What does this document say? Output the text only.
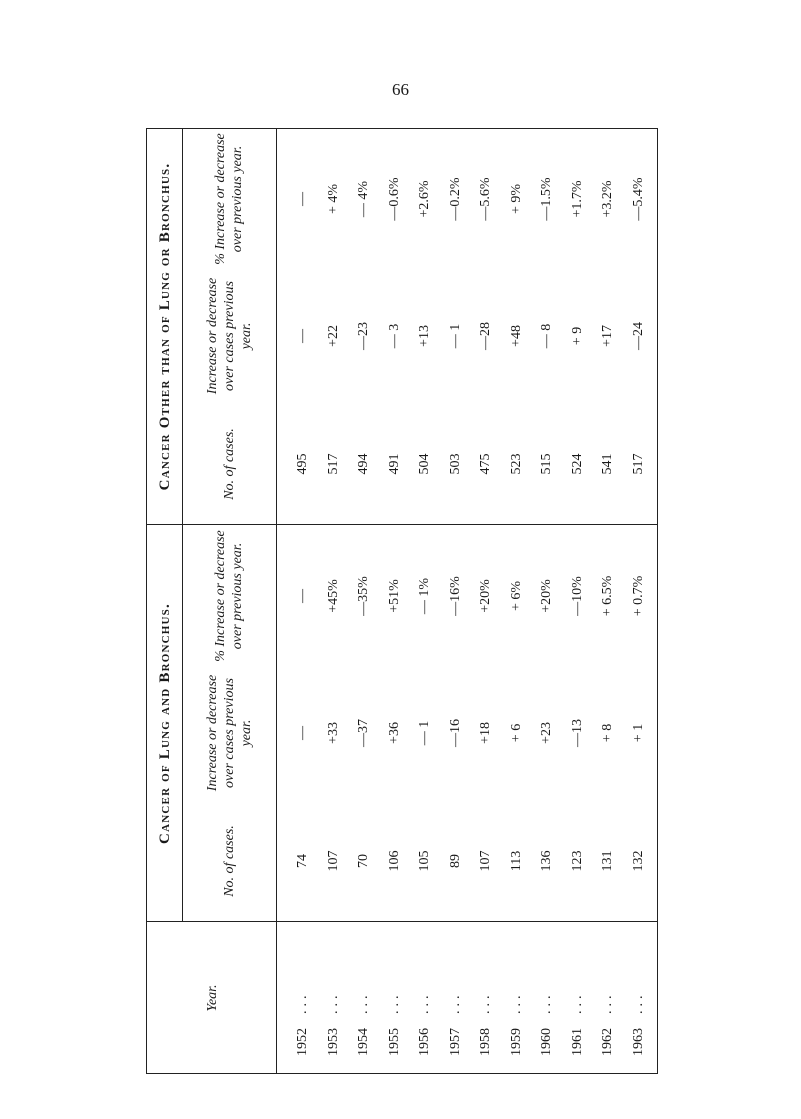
66
Cancer of Lung and Bronchus.
Cancer Other than of Lung or Bronchus.
Year.
No. of cases.
Increase or decrease over cases previous year.
% Increase or decrease over previous year.
No. of cases.
Increase or decrease over cases previous year.
% Increase or decrease over previous year.
1952...
74
—
—
495
—
—
1953...
107
+33
+45%
517
+22
+ 4%
1954...
70
—37
—35%
494
—23
— 4%
1955...
106
+36
+51%
491
— 3
—0.6%
1956...
105
— 1
— 1%
504
+13
+2.6%
1957...
89
—16
—16%
503
— 1
—0.2%
1958...
107
+18
+20%
475
—28
—5.6%
1959...
113
+ 6
+ 6%
523
+48
+ 9%
1960...
136
+23
+20%
515
— 8
—1.5%
1961...
123
—13
—10%
524
+ 9
+1.7%
1962...
131
+ 8
+ 6.5%
541
+17
+3.2%
1963...
132
+ 1
+ 0.7%
517
—24
—5.4%
